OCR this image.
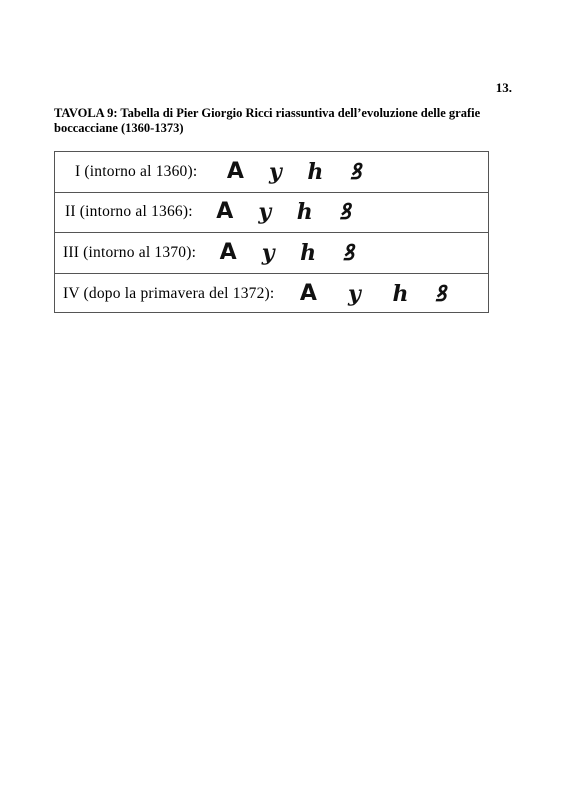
13.
TAVOLA 9: Tabella di Pier Giorgio Ricci riassuntiva dell’evoluzione delle grafie boccacciane (1360-1373)
I (intorno al 1360):	A	y	h	ꝸ
II (intorno al 1366):	A	y	h	ꝸ
III (intorno al 1370):	A	y	h	ꝸ
IV (dopo la primavera del 1372):	A	y	h	ꝸ
